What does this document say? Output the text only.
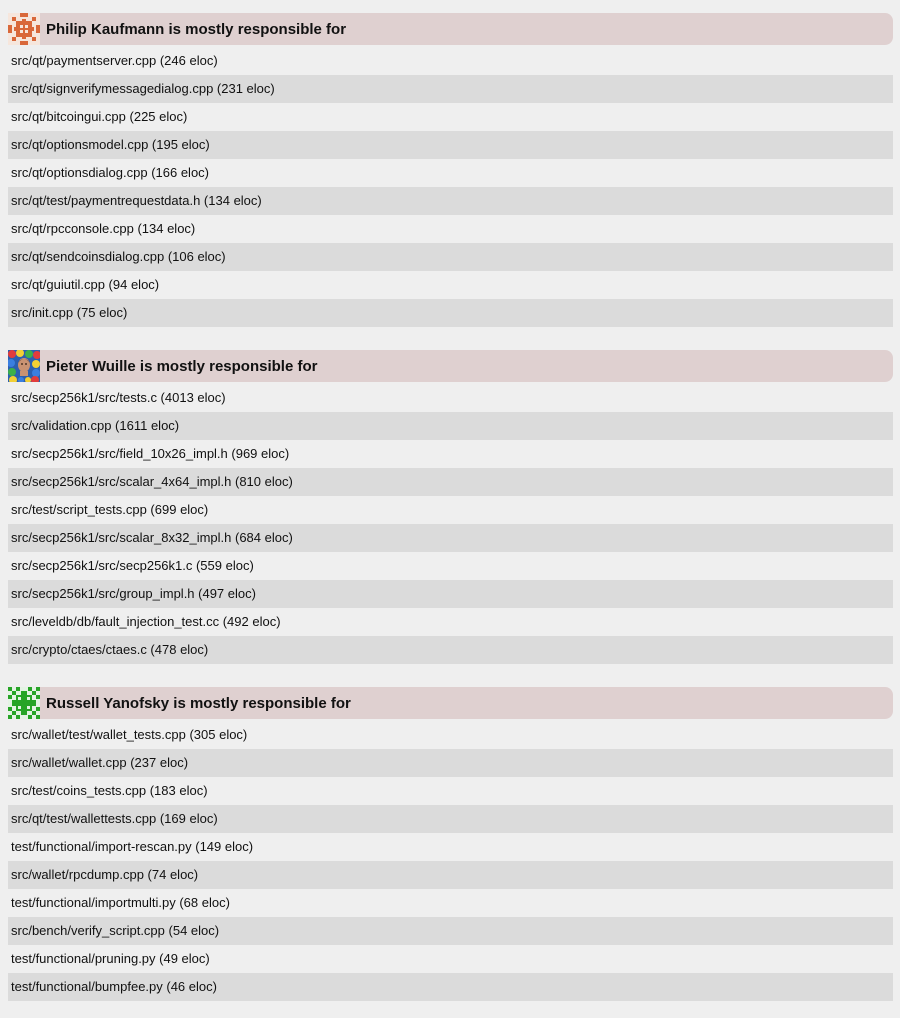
Philip Kaufmann is mostly responsible for
src/qt/paymentserver.cpp (246 eloc)
src/qt/signverifymessagedialog.cpp (231 eloc)
src/qt/bitcoingui.cpp (225 eloc)
src/qt/optionsmodel.cpp (195 eloc)
src/qt/optionsdialog.cpp (166 eloc)
src/qt/test/paymentrequestdata.h (134 eloc)
src/qt/rpcconsole.cpp (134 eloc)
src/qt/sendcoinsdialog.cpp (106 eloc)
src/qt/guiutil.cpp (94 eloc)
src/init.cpp (75 eloc)
Pieter Wuille is mostly responsible for
src/secp256k1/src/tests.c (4013 eloc)
src/validation.cpp (1611 eloc)
src/secp256k1/src/field_10x26_impl.h (969 eloc)
src/secp256k1/src/scalar_4x64_impl.h (810 eloc)
src/test/script_tests.cpp (699 eloc)
src/secp256k1/src/scalar_8x32_impl.h (684 eloc)
src/secp256k1/src/secp256k1.c (559 eloc)
src/secp256k1/src/group_impl.h (497 eloc)
src/leveldb/db/fault_injection_test.cc (492 eloc)
src/crypto/ctaes/ctaes.c (478 eloc)
Russell Yanofsky is mostly responsible for
src/wallet/test/wallet_tests.cpp (305 eloc)
src/wallet/wallet.cpp (237 eloc)
src/test/coins_tests.cpp (183 eloc)
src/qt/test/wallettests.cpp (169 eloc)
test/functional/import-rescan.py (149 eloc)
src/wallet/rpcdump.cpp (74 eloc)
test/functional/importmulti.py (68 eloc)
src/bench/verify_script.cpp (54 eloc)
test/functional/pruning.py (49 eloc)
test/functional/bumpfee.py (46 eloc)
